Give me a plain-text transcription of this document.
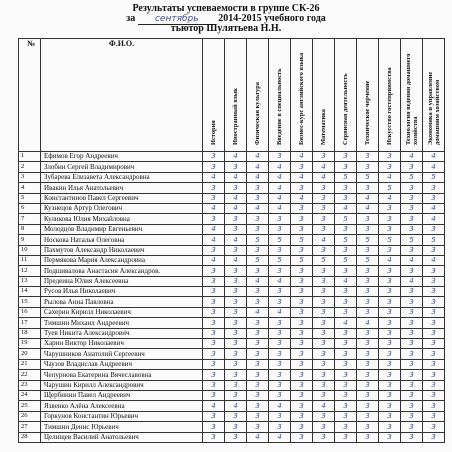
Результаты успеваемости в группе СК-26
за сентябрь 2014-2015 учебного года
тьютор Шулятьева Н.Н.
№	Ф.И.О.	История	Иностранный язык	Физическая культура	Введение в специальность	Бизнес-курс английского языка	Математика	Сервисная деятельность	Техническое черчение	Искусство гостеприимства	Технология ведения домашнего хозяйства	Экономика и управление домашним хозяйством
1	Ефимов Егор Андреевич	3	4	4	3	4	3	3	3	3	4	4
2	Злобин Сергей Владимирович	3	3	4	4	3	4	3	3	3	3	4
3	Зубарева Елизавета Александровна	4	4	4	4	4	4	5	5	4	5	5
4	Ивакин Илья Анатольевич	3	3	3	4	3	3	3	3	5	3	3
5	Константинов Павел Сергеевич	3	4	3	4	4	3	3	4	4	3	3
6	Кузнецов Артур Олегович	4	4	4	4	3	3	4	4	3	3	4
7	Куликова Юлия Михайловна	3	3	3	3	3	3	5	3	3	3	4
8	Молодцов Владимир Евгеньевич	4	3	3	3	3	3	3	3	3	3	3
9	Носкова Наталья Олеговна	4	4	5	5	5	4	5	5	5	5	5
10	Пахмутов Александр Николаевич	3	3	3	3	3	3	3	3	3	3	3
11	Пермякова Мария Александровна	4	4	5	5	5	5	5	5	4	4	4
12	Подшивалова Анастасия Александров.	3	3	3	3	3	3	3	3	3	3	3
13	Предеина Юлия Алексеевна	3	3	4	4	3	3	4	3	3	4	3
14	Русов Илья Николаевич	3	3	3	3	3	3	3	3	3	3	3
15	Рылова Анна Павловна	3	3	3	3	3	3	3	3	3	3	3
16	Сахерин Кирилл Николаевич	3	3	4	4	3	3	3	3	3	3	3
17	Тимшин Михаил Андреевич	3	3	3	3	3	3	4	4	3	3	3
18	Туев Никита Александрович	3	3	3	3	3	3	3	3	3	3	3
19	Харин Виктор Николаевич	3	3	3	3	3	3	3	3	3	3	3
20	Чарушников Анатолий Сергеевич	3	3	3	3	3	3	3	3	3	3	3
21	Чаузов Владислав Андреевич	3	3	3	3	3	3	3	3	3	3	3
22	Чепурнова Екатерина Вячеславовна	3	3	3	3	3	3	3	3	3	3	3
23	Чарушин Кирилл Александрович	3	3	3	3	3	3	3	3	3	3	3
24	Щербинин Павел Андреевич	3	3	3	3	3	3	3	3	3	3	3
25	Язвенко Алёна Алексеевна	4	4	3	4	3	4	3	3	3	3	3
26	Горкунов Константин Юрьевич	3	3	3	3	3	3	3	3	3	3	3
27	Тимшин Денис Юрьевич	3	3	3	3	3	3	3	3	3	3	3
28	Целищев Василий Анатольевич	3	3	4	4	3	3	3	3	3	3	3
